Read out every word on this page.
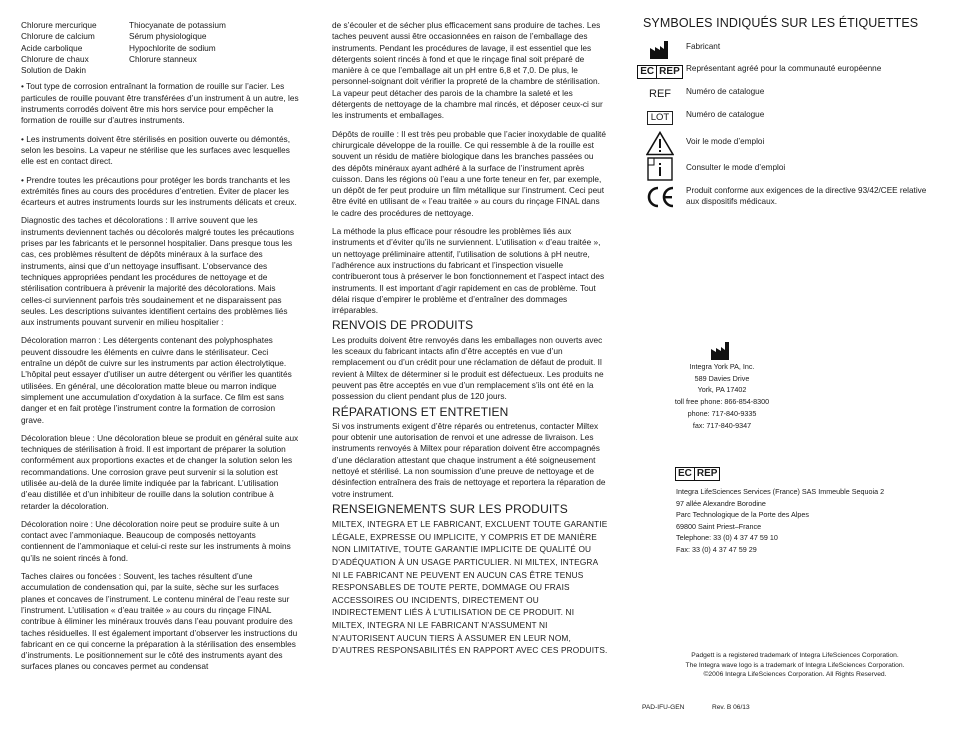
Chlorure mercurique
Chlorure de calcium
Acide carbolique
Chlorure de chaux
Solution de Dakin
Thiocyanate de potassium
Sérum physiologique
Hypochlorite de sodium
Chlorure stanneux

• Tout type de corrosion entraînant la formation de rouille sur l’acier. Les particules de rouille pouvant être transférées d’un instrument à un autre, les instruments corrodés doivent être mis hors service pour empêcher la formation de rouille sur d’autres instruments.

• Les instruments doivent être stérilisés en position ouverte ou démontés, selon les besoins. La vapeur ne stérilise que les surfaces avec lesquelles elle est en contact direct.

• Prendre toutes les précautions pour protéger les bords tranchants et les extrémités fines au cours des procédures d’entretien. Éviter de placer les écarteurs et autres instruments lourds sur les instruments délicats et creux.

Diagnostic des taches et décolorations : Il arrive souvent que les instruments deviennent tachés ou décolorés malgré toutes les précautions prises par les fabricants et le personnel hospitalier. Dans presque tous les cas, ces problèmes résultent de dépôts minéraux à la surface des instruments, ainsi que d’un nettoyage insuffisant. L’observance des techniques appropriées pendant les procédures de nettoyage et de stérilisation contribuera à prévenir la majorité des décolorations. Mais celles-ci surviennent parfois très soudainement et ne disparaissent pas seules. Les descriptions suivantes identifient certains des problèmes liés aux instruments pouvant survenir en milieu hospitalier :

Décoloration marron : Les détergents contenant des polyphosphates peuvent dissoudre les éléments en cuivre dans le stérilisateur. Ceci entraîne un dépôt de cuivre sur les instruments par action électrolytique. L’hôpital peut essayer d’utiliser un autre détergent ou vérifier les quantités utilisées. En général, une décoloration matte bleue ou marron indique simplement une accumulation d’oxydation à la surface. Ce film est sans danger et en fait protège l’instrument contre la formation de corrosion grave.

Décoloration bleue : Une décoloration bleue se produit en général suite aux techniques de stérilisation à froid. Il est important de préparer la solution conformément aux proportions exactes et de changer la solution selon les recommandations. Une corrosion grave peut survenir si la solution est utilisée au-delà de la durée limite indiquée par la fabricant. L’utilisation d’eau distillée et d’un inhibiteur de rouille dans la solution contribue à retarder la décoloration.

Décoloration noire : Une décoloration noire peut se produire suite à un contact avec l’ammoniaque. Beaucoup de composés nettoyants contiennent de l’ammoniaque et celui-ci reste sur les instruments à moins qu’ils ne soient rincés à fond.

Taches claires ou foncées : Souvent, les taches résultent d’une accumulation de condensation qui, par la suite, sèche sur les surfaces planes et concaves de l’instrument. Le contenu minéral de l’eau reste sur l’instrument. L’utilisation « d’eau traitée » au cours du rinçage FINAL contribue à éliminer les minéraux trouvés dans l’eau pouvant produire des taches résiduelles. Il est également important d’observer les instructions du fabricant en ce qui concerne la préparation à la stérilisation des ensembles d’instruments. Le positionnement sur le côté des instruments ayant des surfaces planes ou concaves permet au condensat

de s’écouler et de sécher plus efficacement sans produire de taches. Les taches peuvent aussi être occasionnées en raison de l’emballage des instruments. Pendant les procédures de lavage, il est essentiel que les détergents soient rincés à fond et que le rinçage final soit préparé de manière à ce que l’emballage ait un pH entre 6,8 et 7,0. De plus, le personnel-soignant doit vérifier la propreté de la chambre de stérilisation. La vapeur peut détacher des parois de la chambre la saleté et les détergents de nettoyage de la chambre mal rincés, et déposer ceux-ci sur les instruments et emballages.

Dépôts de rouille : Il est très peu probable que l’acier inoxydable de qualité chirurgicale développe de la rouille. Ce qui ressemble à de la rouille est souvent un résidu de matière biologique dans les branches passées ou des dépôts minéraux ayant adhéré à la surface de l’instrument après cuisson. Dans les régions où l’eau a une forte teneur en fer, par exemple, un dépôt de fer peut produire un film métallique sur l’instrument. Ceci peut être évité en utilisant de « l’eau traitée » au cours du rinçage FINAL dans le cadre des procédures de nettoyage.

La méthode la plus efficace pour résoudre les problèmes liés aux instruments et d’éviter qu’ils ne surviennent. L’utilisation « d’eau traitée », un nettoyage préliminaire attentif, l’utilisation de solutions à pH neutre, l’adhérence aux instructions du fabricant et l’inspection visuelle contribueront tous à préserver le bon fonctionnement et l’aspect intact des instruments. Il est important d’agir rapidement en cas de problème. Tout délai risque d’empirer le problème et d’entraîner des dommages irréparables.

RENVOIS DE PRODUITS

Les produits doivent être renvoyés dans les emballages non ouverts avec les sceaux du fabricant intacts afin d’être acceptés en vue d’un remplacement ou d’un crédit pour une réclamation de défaut de produit. Il revient à Miltex de déterminer si le produit est défectueux. Les produits ne peuvent pas être acceptés en vue d’un remplacement s’ils ont été en la possession du client pendant plus de 120 jours.

RÉPARATIONS ET ENTRETIEN

Si vos instruments exigent d’être réparés ou entretenus, contacter Miltex pour obtenir une autorisation de renvoi et une adresse de livraison. Les instruments renvoyés à Miltex pour réparation doivent être accompagnés d’une déclaration attestant que chaque instrument a été soigneusement nettoyé et stérilisé. La non soumission d’une preuve de nettoyage et de désinfection entraînera des frais de nettoyage et reportera la réparation de votre instrument.

RENSEIGNEMENTS SUR LES PRODUITS

MILTEX, INTEGRA ET LE FABRICANT, EXCLUENT TOUTE GARANTIE LÉGALE, EXPRESSE OU IMPLICITE, Y COMPRIS ET DE MANIÈRE NON LIMITATIVE, TOUTE GARANTIE IMPLICITE DE QUALITÉ OU D’ADÉQUATION À UN USAGE PARTICULIER. NI MILTEX, INTEGRA NI LE FABRICANT NE PEUVENT EN AUCUN CAS ÊTRE TENUS RESPONSABLES DE TOUTE PERTE, DOMMAGE OU FRAIS ACCESSOIRES OU INCIDENTS, DIRECTEMENT OU INDIRECTEMENT LIÉS À L’UTILISATION DE CE PRODUIT. NI MILTEX, INTEGRA NI LE FABRICANT N’ASSUMENT NI N’AUTORISENT AUCUN TIERS À ASSUMER EN LEUR NOM, D’AUTRES RESPONSABILITÉS EN RAPPORT AVEC CES PRODUITS.

SYMBOLES INDIQUÉS SUR LES ÉTIQUETTES
Fabricant
EC REP Représentant agréé pour la communauté européenne
REF Numéro de catalogue
LOT	Numéro de catalogue
Voir le mode d’emploi
Consulter le mode d’emploi
Produit conforme aux exigences de la directive 93/42/CEE relative aux dispositifs médicaux.
Integra York PA, Inc.
589 Davies Drive
York, PA 17402
toll free phone: 866-854-8300
phone: 717-840-9335
fax: 717-840-9347
EC REP
Integra LifeSciences Services (France) SAS Immeuble Sequoia 2
97 allée Alexandre Borodine
Parc Technologique de la Porte des Alpes
69800 Saint Priest–France
Telephone: 33 (0) 4 37 47 59 10
Fax: 33 (0) 4 37 47 59 29
Padgett is a registered trademark of Integra LifeSciences Corporation.
The Integra wave logo is a trademark of Integra LifeSciences Corporation.
©2006 Integra LifeSciences Corporation. All Rights Reserved.
PAD-IFU-GEN	Rev. B 06/13
